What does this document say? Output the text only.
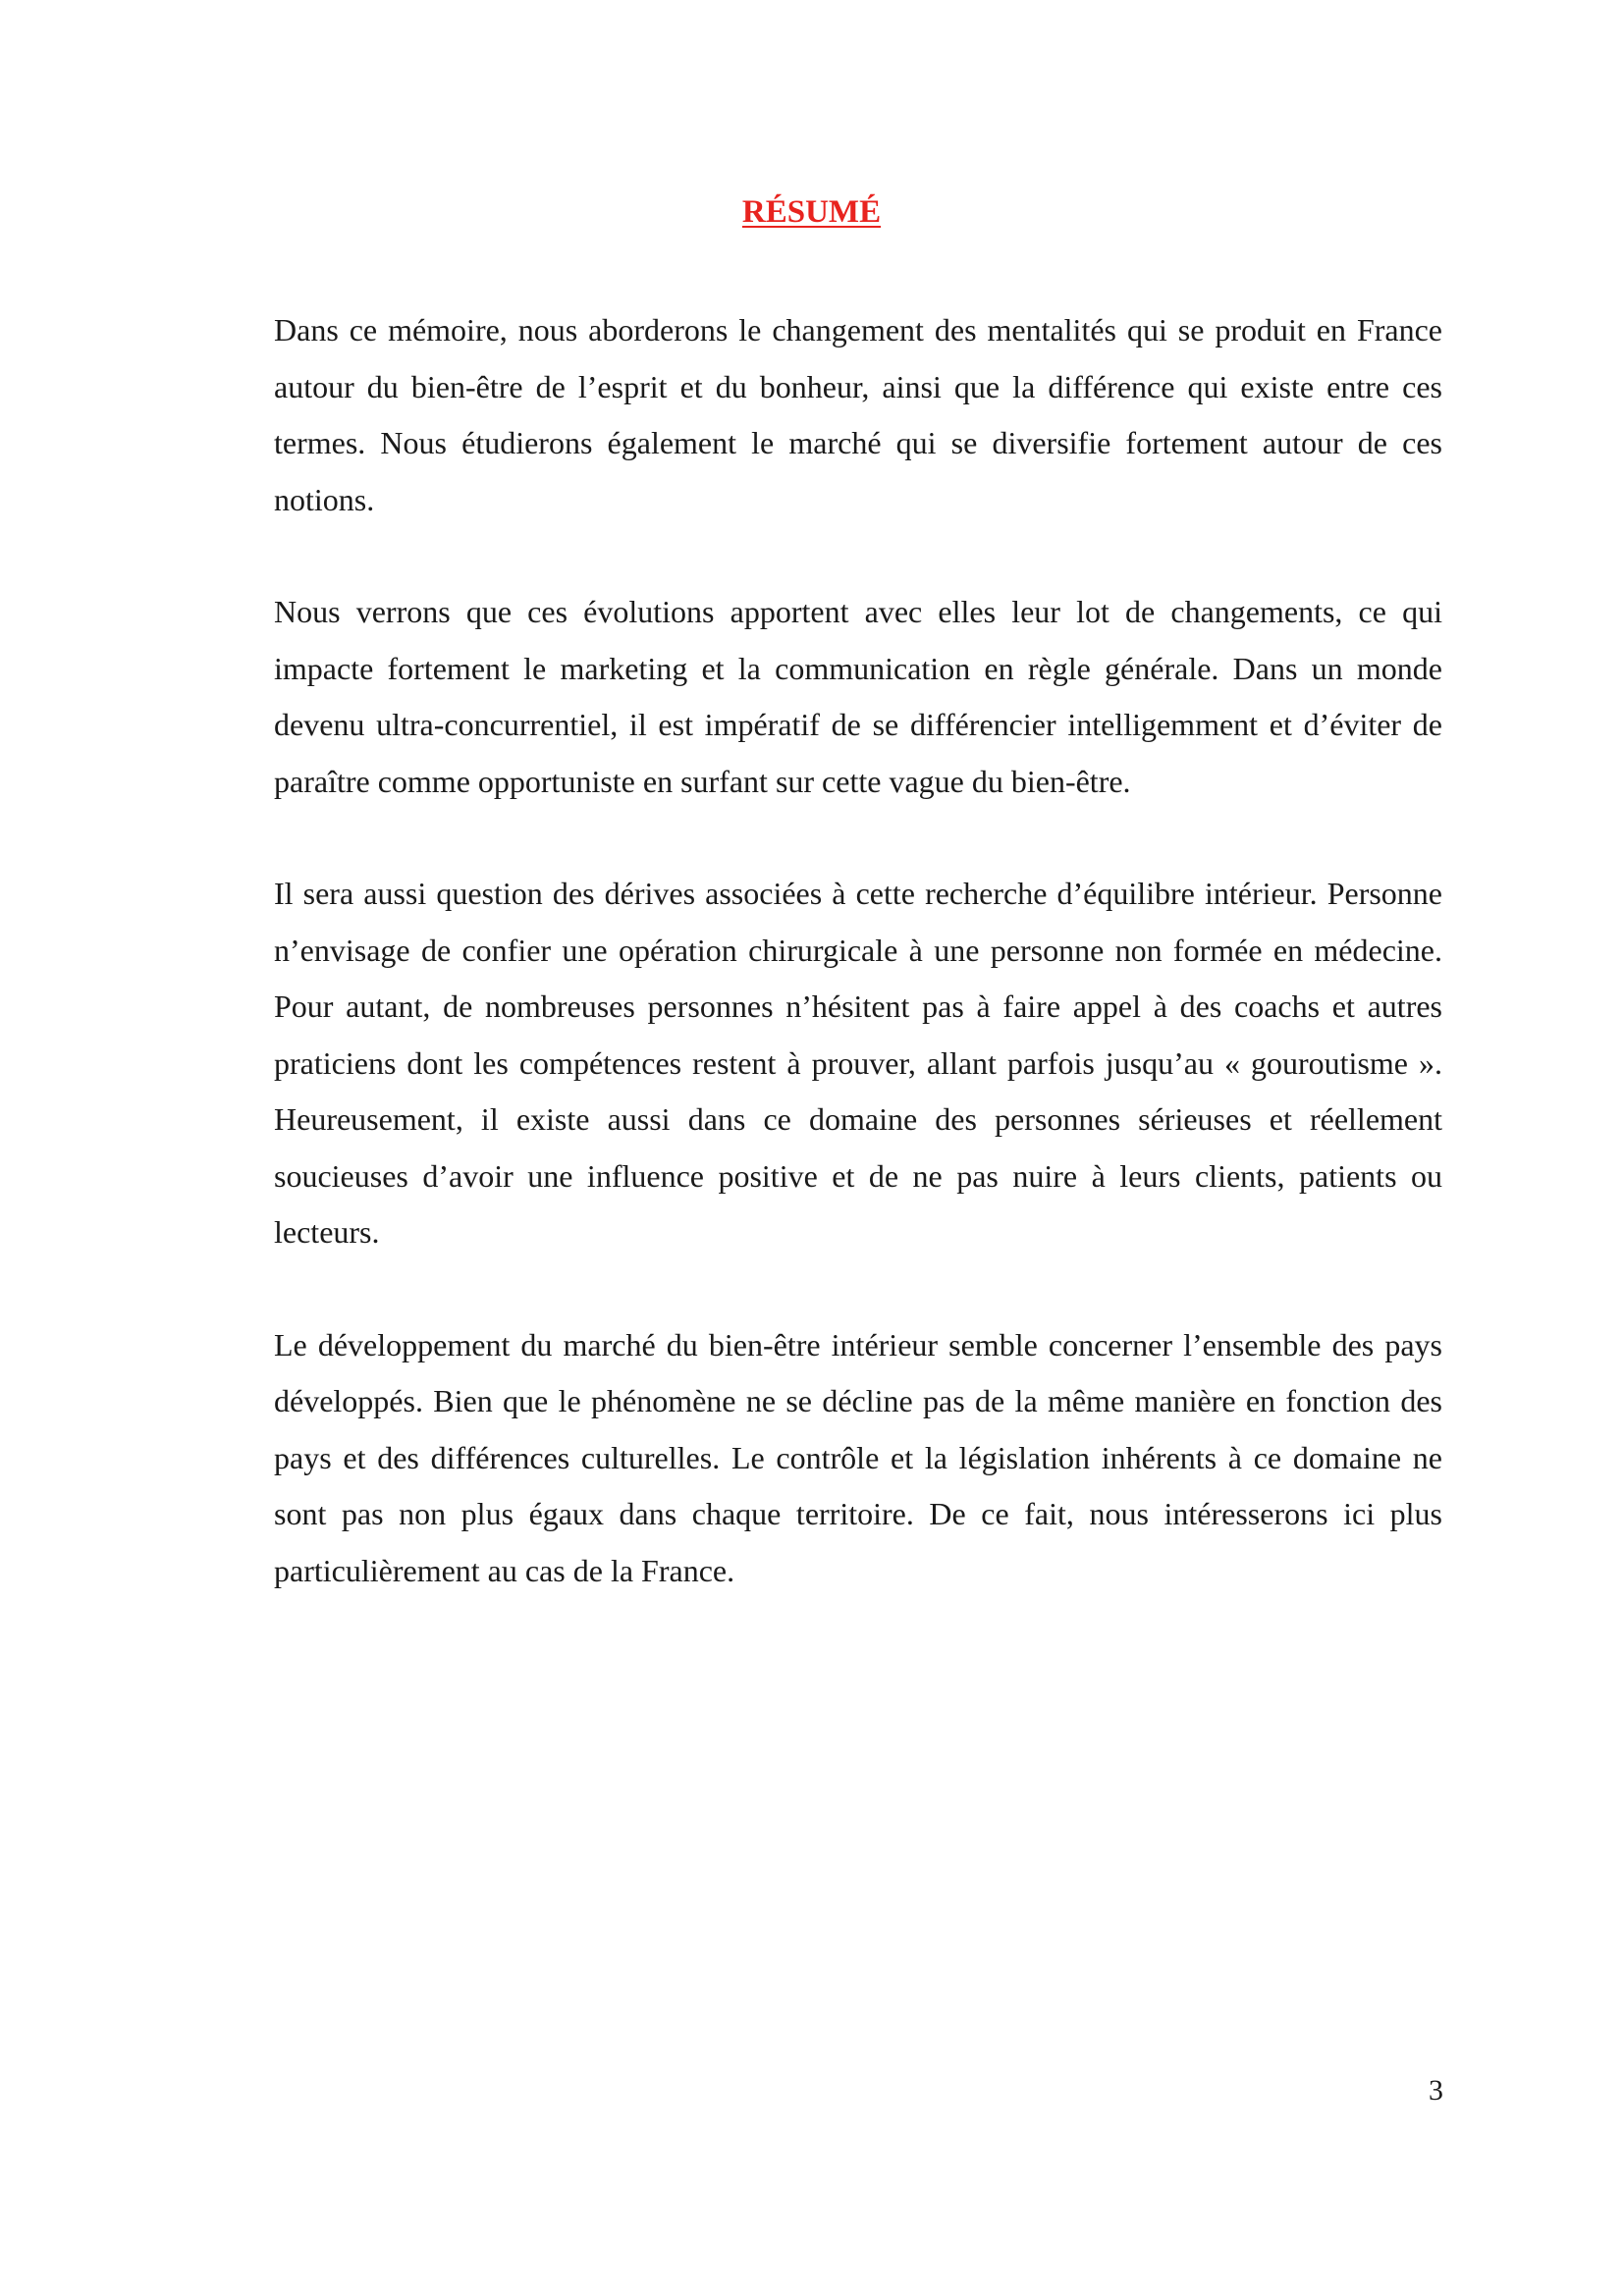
RÉSUMÉ

Dans ce mémoire, nous aborderons le changement des mentalités qui se produit en France autour du bien-être de l’esprit et du bonheur, ainsi que la différence qui existe entre ces termes. Nous étudierons également le marché qui se diversifie fortement autour de ces notions.

Nous verrons que ces évolutions apportent avec elles leur lot de changements, ce qui impacte fortement le marketing et la communication en règle générale. Dans un monde devenu ultra-concurrentiel, il est impératif de se différencier intelligemment et d’éviter de paraître comme opportuniste en surfant sur cette vague du bien-être.

Il sera aussi question des dérives associées à cette recherche d’équilibre intérieur. Personne n’envisage de confier une opération chirurgicale à une personne non formée en médecine. Pour autant, de nombreuses personnes n’hésitent pas à faire appel à des coachs et autres praticiens dont les compétences restent à prouver, allant parfois jusqu’au « gouroutisme ». Heureusement, il existe aussi dans ce domaine des personnes sérieuses et réellement soucieuses d’avoir une influence positive et de ne pas nuire à leurs clients, patients ou lecteurs.

Le développement du marché du bien-être intérieur semble concerner l’ensemble des pays développés. Bien que le phénomène ne se décline pas de la même manière en fonction des pays et des différences culturelles. Le contrôle et la législation inhérents à ce domaine ne sont pas non plus égaux dans chaque territoire. De ce fait, nous intéresserons ici plus particulièrement au cas de la France.

3
